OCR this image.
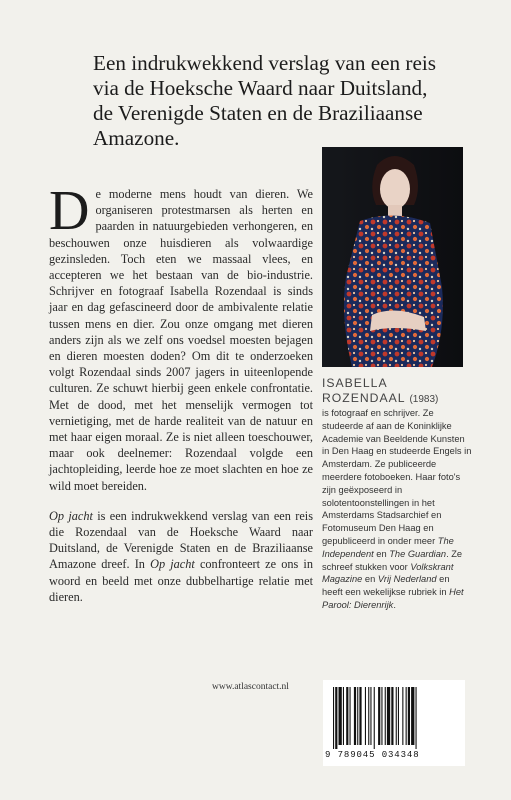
Een indrukwekkend verslag van een reis
via de Hoeksche Waard naar Duitsland,
de Verenigde Staten en de Braziliaanse
Amazone.

De moderne mens houdt van dieren. We organiseren protestmarsen als herten en paarden in natuurgebieden verhongeren, en beschouwen onze huisdieren als volwaardige gezinsleden. Toch eten we massaal vlees, en accepteren we het bestaan van de bio-industrie. Schrijver en fotograaf Isabella Rozendaal is sinds jaar en dag gefascineerd door de ambivalente relatie tussen mens en dier. Zou onze omgang met dieren anders zijn als we zelf ons voedsel moesten bejagen en dieren moesten doden? Om dit te onderzoeken volgt Rozendaal sinds 2007 jagers in uiteenlopende culturen. Ze schuwt hierbij geen enkele confrontatie. Met de dood, met het menselijk vermogen tot vernietiging, met de harde realiteit van de natuur en met haar eigen moraal. Ze is niet alleen toeschouwer, maar ook deelnemer: Rozendaal volgde een jachtopleiding, leerde hoe ze moet slachten en hoe ze wild moet bereiden.

Op jacht is een indrukwekkend verslag van een reis die Rozendaal van de Hoeksche Waard naar Duitsland, de Verenigde Staten en de Braziliaanse Amazone dreef. In Op jacht confronteert ze ons in woord en beeld met onze dubbelhartige relatie met dieren.

ISABELLA
ROZENDAAL (1983)

is fotograaf en schrijver. Ze studeerde af aan de Koninklijke Academie van Beeldende Kunsten in Den Haag en studeerde Engels in Amsterdam. Ze publiceerde meerdere fotoboeken. Haar foto's zijn geëxposeerd in solotentoonstellingen in het Amsterdams Stadsarchief en Fotomuseum Den Haag en gepubliceerd in onder meer The Independent en The Guardian. Ze schreef stukken voor Volkskrant Magazine en Vrij Nederland en heeft een wekelijkse rubriek in Het Parool: Dierenrijk.

www.atlascontact.nl
9 789045 034348
